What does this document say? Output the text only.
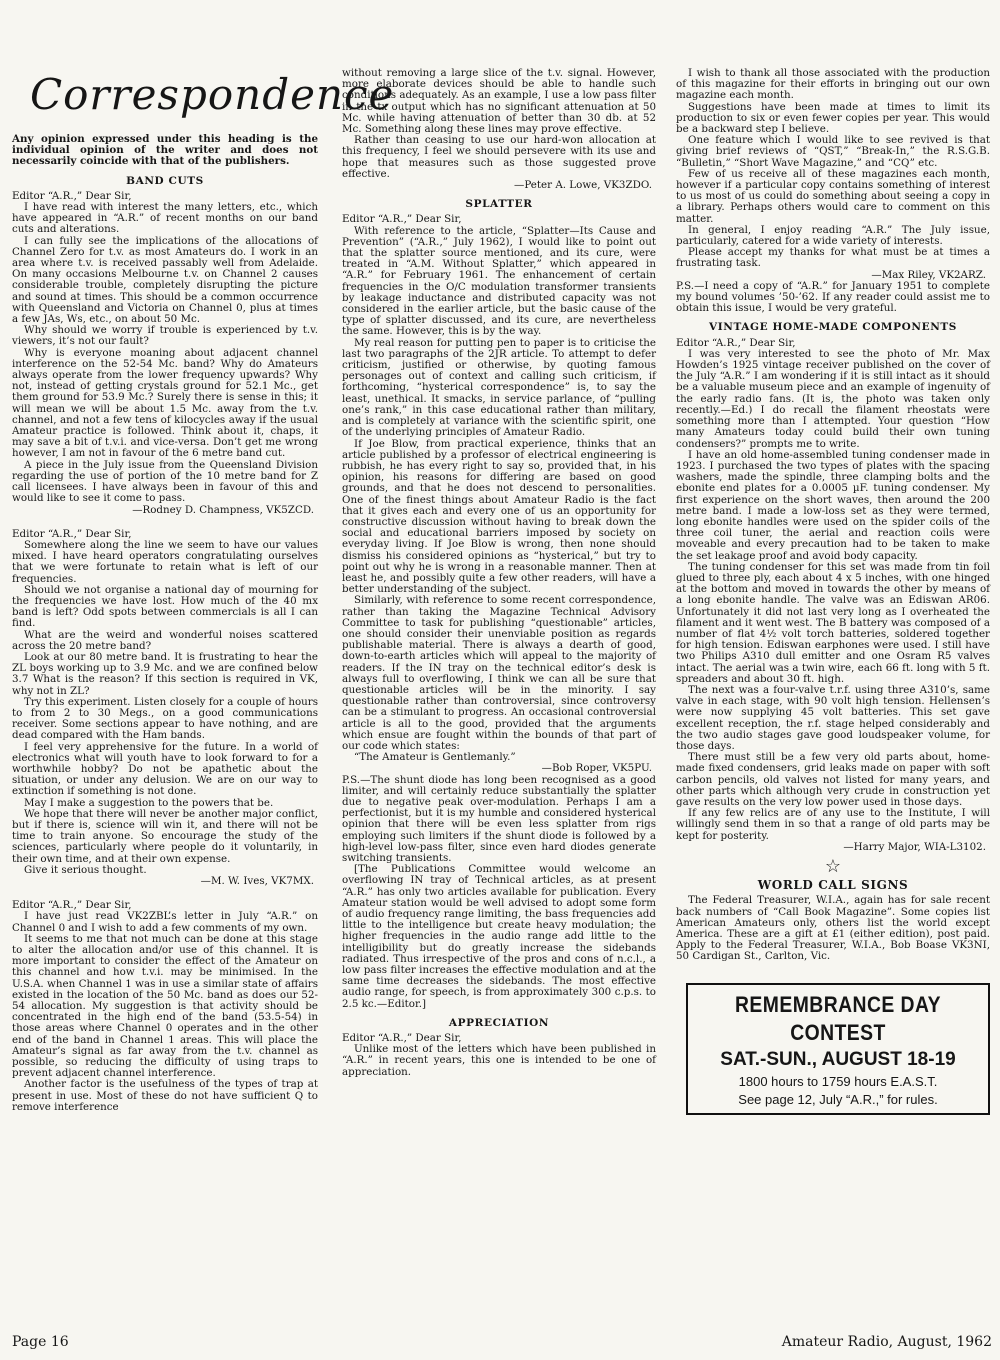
Correspondence

Any opinion expressed under this heading is the individual opinion of the writer and does not necessarily coincide with that of the publishers.

BAND CUTS

Editor “A.R.,” Dear Sir,

I have read with interest the many letters, etc., which have appeared in “A.R.” of recent months on our band cuts and alterations.

I can fully see the implications of the allocations of Channel Zero for t.v. as most Amateurs do. I work in an area where t.v. is received passably well from Adelaide. On many occasions Melbourne t.v. on Channel 2 causes considerable trouble, completely disrupting the picture and sound at times. This should be a common occurrence with Queensland and Victoria on Channel 0, plus at times a few JAs, Ws, etc., on about 50 Mc.

Why should we worry if trouble is experienced by t.v. viewers, it’s not our fault?

Why is everyone moaning about adjacent channel interference on the 52-54 Mc. band? Why do Amateurs always operate from the lower frequency upwards? Why not, instead of getting crystals ground for 52.1 Mc., get them ground for 53.9 Mc.? Surely there is sense in this; it will mean we will be about 1.5 Mc. away from the t.v. channel, and not a few tens of kilocycles away if the usual Amateur practice is followed. Think about it, chaps, it may save a bit of t.v.i. and vice-versa. Don’t get me wrong however, I am not in favour of the 6 metre band cut.

A piece in the July issue from the Queensland Division regarding the use of portion of the 10 metre band for Z call licensees. I have always been in favour of this and would like to see it come to pass.

—Rodney D. Champness, VK5ZCD.

Editor “A.R.,” Dear Sir,

Somewhere along the line we seem to have our values mixed. I have heard operators congratulating ourselves that we were fortunate to retain what is left of our frequencies.

Should we not organise a national day of mourning for the frequencies we have lost. How much of the 40 mx band is left? Odd spots between commercials is all I can find.

What are the weird and wonderful noises scattered across the 20 metre band?

Look at our 80 metre band. It is frustrating to hear the ZL boys working up to 3.9 Mc. and we are confined below 3.7 What is the reason? If this section is required in VK, why not in ZL?

Try this experiment. Listen closely for a couple of hours to from 2 to 30 Megs., on a good communications receiver. Some sections appear to have nothing, and are dead compared with the Ham bands.

I feel very apprehensive for the future. In a world of electronics what will youth have to look forward to for a worthwhile hobby? Do not be apathetic about the situation, or under any delusion. We are on our way to extinction if something is not done.

May I make a suggestion to the powers that be.

We hope that there will never be another major conflict, but if there is, science will win it, and there will not be time to train anyone. So encourage the study of the sciences, particularly where people do it voluntarily, in their own time, and at their own expense.

Give it serious thought.

—M. W. Ives, VK7MX.

Editor “A.R.,” Dear Sir,

I have just read VK2ZBL’s letter in July “A.R.” on Channel 0 and I wish to add a few comments of my own.

It seems to me that not much can be done at this stage to alter the allocation and/or use of this channel. It is more important to consider the effect of the Amateur on this channel and how t.v.i. may be minimised. In the U.S.A. when Channel 1 was in use a similar state of affairs existed in the location of the 50 Mc. band as does our 52-54 allocation. My suggestion is that activity should be concentrated in the high end of the band (53.5-54) in those areas where Channel 0 operates and in the other end of the band in Channel 1 areas. This will place the Amateur’s signal as far away from the t.v. channel as possible, so reducing the difficulty of using traps to prevent adjacent channel interference.

Another factor is the usefulness of the types of trap at present in use. Most of these do not have sufficient Q to remove interference

without removing a large slice of the t.v. signal. However, more elaborate devices should be able to handle such conditions adequately. As an example, I use a low pass filter in the tx output which has no significant attenuation at 50 Mc. while having attenuation of better than 30 db. at 52 Mc. Something along these lines may prove effective.

Rather than ceasing to use our hard-won allocation at this frequency, I feel we should persevere with its use and hope that measures such as those suggested prove effective.

—Peter A. Lowe, VK3ZDO.

SPLATTER

Editor “A.R.,” Dear Sir,

With reference to the article, “Splatter—Its Cause and Prevention” (“A.R.,” July 1962), I would like to point out that the splatter source mentioned, and its cure, were treated in “A.M. Without Splatter,” which appeared in “A.R.” for February 1961. The enhancement of certain frequencies in the O/C modulation transformer transients by leakage inductance and distributed capacity was not considered in the earlier article, but the basic cause of the type of splatter discussed, and its cure, are nevertheless the same. However, this is by the way.

My real reason for putting pen to paper is to criticise the last two paragraphs of the 2JR article. To attempt to defer criticism, justified or otherwise, by quoting famous personages out of context and calling such criticism, if forthcoming, “hysterical correspondence” is, to say the least, unethical. It smacks, in service parlance, of “pulling one’s rank,” in this case educational rather than military, and is completely at variance with the scientific spirit, one of the underlying principles of Amateur Radio.

If Joe Blow, from practical experience, thinks that an article published by a professor of electrical engineering is rubbish, he has every right to say so, provided that, in his opinion, his reasons for differing are based on good grounds, and that he does not descend to personalities. One of the finest things about Amateur Radio is the fact that it gives each and every one of us an opportunity for constructive discussion without having to break down the social and educational barriers imposed by society on everyday living. If Joe Blow is wrong, then none should dismiss his considered opinions as “hysterical,” but try to point out why he is wrong in a reasonable manner. Then at least he, and possibly quite a few other readers, will have a better understanding of the subject.

Similarly, with reference to some recent correspondence, rather than taking the Magazine Technical Advisory Committee to task for publishing “questionable” articles, one should consider their unenviable position as regards publishable material. There is always a dearth of good, down-to-earth articles which will appeal to the majority of readers. If the IN tray on the technical editor’s desk is always full to overflowing, I think we can all be sure that questionable articles will be in the minority. I say questionable rather than controversial, since controversy can be a stimulant to progress. An occasional controversial article is all to the good, provided that the arguments which ensue are fought within the bounds of that part of our code which states:

“The Amateur is Gentlemanly.”

—Bob Roper, VK5PU.

P.S.—The shunt diode has long been recognised as a good limiter, and will certainly reduce substantially the splatter due to negative peak over-modulation. Perhaps I am a perfectionist, but it is my humble and considered hysterical opinion that there will be even less splatter from rigs employing such limiters if the shunt diode is followed by a high-level low-pass filter, since even hard diodes generate switching transients.

[The Publications Committee would welcome an overflowing IN tray of Technical articles, as at present “A.R.” has only two articles available for publication. Every Amateur station would be well advised to adopt some form of audio frequency range limiting, the bass frequencies add little to the intelligence but create heavy modulation; the higher frequencies in the audio range add little to the intelligibility but do greatly increase the sidebands radiated. Thus irrespective of the pros and cons of n.c.l., a low pass filter increases the effective modulation and at the same time decreases the sidebands. The most effective audio range, for speech, is from approximately 300 c.p.s. to 2.5 kc.—Editor.]

APPRECIATION

Editor “A.R.,” Dear Sir,

Unlike most of the letters which have been published in “A.R.” in recent years, this one is intended to be one of appreciation.

I wish to thank all those associated with the production of this magazine for their efforts in bringing out our own magazine each month.

Suggestions have been made at times to limit its production to six or even fewer copies per year. This would be a backward step I believe.

One feature which I would like to see revived is that giving brief reviews of “QST,” “Break-In,” the R.S.G.B. “Bulletin,” “Short Wave Magazine,” and “CQ” etc.

Few of us receive all of these magazines each month, however if a particular copy contains something of interest to us most of us could do something about seeing a copy in a library. Perhaps others would care to comment on this matter.

In general, I enjoy reading “A.R.” The July issue, particularly, catered for a wide variety of interests.

Please accept my thanks for what must be at times a frustrating task.

—Max Riley, VK2ARZ.

P.S.—I need a copy of “A.R.” for January 1951 to complete my bound volumes ’50-’62. If any reader could assist me to obtain this issue, I would be very grateful.

VINTAGE HOME-MADE COMPONENTS

Editor “A.R.,” Dear Sir,

I was very interested to see the photo of Mr. Max Howden’s 1925 vintage receiver published on the cover of the July “A.R.” I am wondering if it is still intact as it should be a valuable museum piece and an example of ingenuity of the early radio fans. (It is, the photo was taken only recently.—Ed.) I do recall the filament rheostats were something more than I attempted. Your question “How many Amateurs today could build their own tuning condensers?” prompts me to write.

I have an old home-assembled tuning condenser made in 1923. I purchased the two types of plates with the spacing washers, made the spindle, three clamping bolts and the ebonite end plates for a 0.0005 µF. tuning condenser. My first experience on the short waves, then around the 200 metre band. I made a low-loss set as they were termed, long ebonite handles were used on the spider coils of the three coil tuner, the aerial and reaction coils were moveable and every precaution had to be taken to make the set leakage proof and avoid body capacity.

The tuning condenser for this set was made from tin foil glued to three ply, each about 4 x 5 inches, with one hinged at the bottom and moved in towards the other by means of a long ebonite handle. The valve was an Ediswan AR06. Unfortunately it did not last very long as I overheated the filament and it went west. The B battery was composed of a number of flat 4½ volt torch batteries, soldered together for high tension. Ediswan earphones were used. I still have two Philips A310 dull emitter and one Osram R5 valves intact. The aerial was a twin wire, each 66 ft. long with 5 ft. spreaders and about 30 ft. high.

The next was a four-valve t.r.f. using three A310’s, same valve in each stage, with 90 volt high tension. Hellensen’s were now supplying 45 volt batteries. This set gave excellent reception, the r.f. stage helped considerably and the two audio stages gave good loudspeaker volume, for those days.

There must still be a few very old parts about, home-made fixed condensers, grid leaks made on paper with soft carbon pencils, old valves not listed for many years, and other parts which although very crude in construction yet gave results on the very low power used in those days.

If any few relics are of any use to the Institute, I will willingly send them in so that a range of old parts may be kept for posterity.

—Harry Major, WIA-L3102.

☆
WORLD CALL SIGNS

The Federal Treasurer, W.I.A., again has for sale recent back numbers of “Call Book Magazine”. Some copies list American Amateurs only, others list the world except America. These are a gift at £1 (either edition), post paid. Apply to the Federal Treasurer, W.I.A., Bob Boase VK3NI, 50 Cardigan St., Carlton, Vic.

REMEMBRANCE DAY CONTEST
SAT.-SUN., AUGUST 18-19
1800 hours to 1759 hours E.A.S.T.
See page 12, July “A.R.,” for rules.
Page 16	Amateur Radio, August, 1962
